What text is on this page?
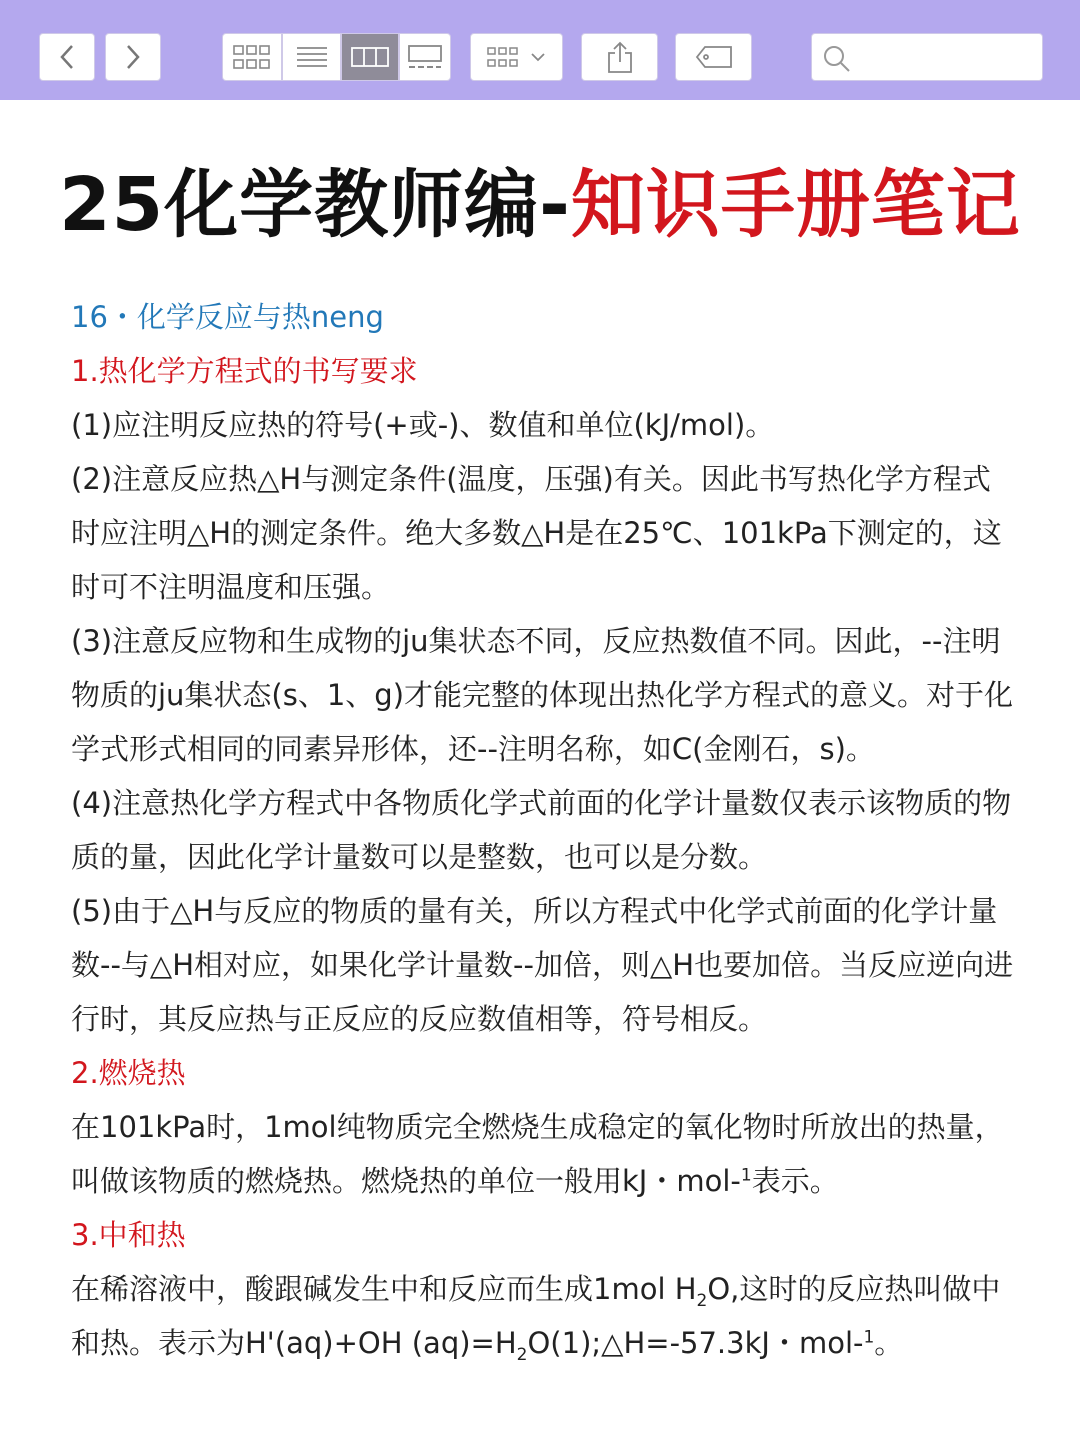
25化学教师编-知识手册笔记

16・化学反应与热neng

1.热化学方程式的书写要求

(1)应注明反应热的符号(+或-)、数值和单位(kJ/mol)。

(2)注意反应热△H与测定条件(温度，压强)有关。因此书写热化学方程式时应注明△H的测定条件。绝大多数△H是在25℃、101kPa下测定的，这时可不注明温度和压强。

(3)注意反应物和生成物的ju集状态不同，反应热数值不同。因此，--注明物质的ju集状态(s、1、g)才能完整的体现出热化学方程式的意义。对于化学式形式相同的同素异形体，还--注明名称，如C(金刚石，s)。

(4)注意热化学方程式中各物质化学式前面的化学计量数仅表示该物质的物质的量，因此化学计量数可以是整数，也可以是分数。

(5)由于△H与反应的物质的量有关，所以方程式中化学式前面的化学计量数--与△H相对应，如果化学计量数--加倍，则△H也要加倍。当反应逆向进行时，其反应热与正反应的反应数值相等，符号相反。

2.燃烧热

在101kPa时，1mol纯物质完全燃烧生成稳定的氧化物时所放出的热量，叫做该物质的燃烧热。燃烧热的单位一般用kJ・mol-$^1$表示。

3.中和热

在稀溶液中，酸跟碱发生中和反应而生成1mol $H_2O$,这时的反应热叫做中和热。表示为H'(aq)+OH $(aq)=H_2O(1);\triangle H=-57.3kJ$・mol-$^1$。
